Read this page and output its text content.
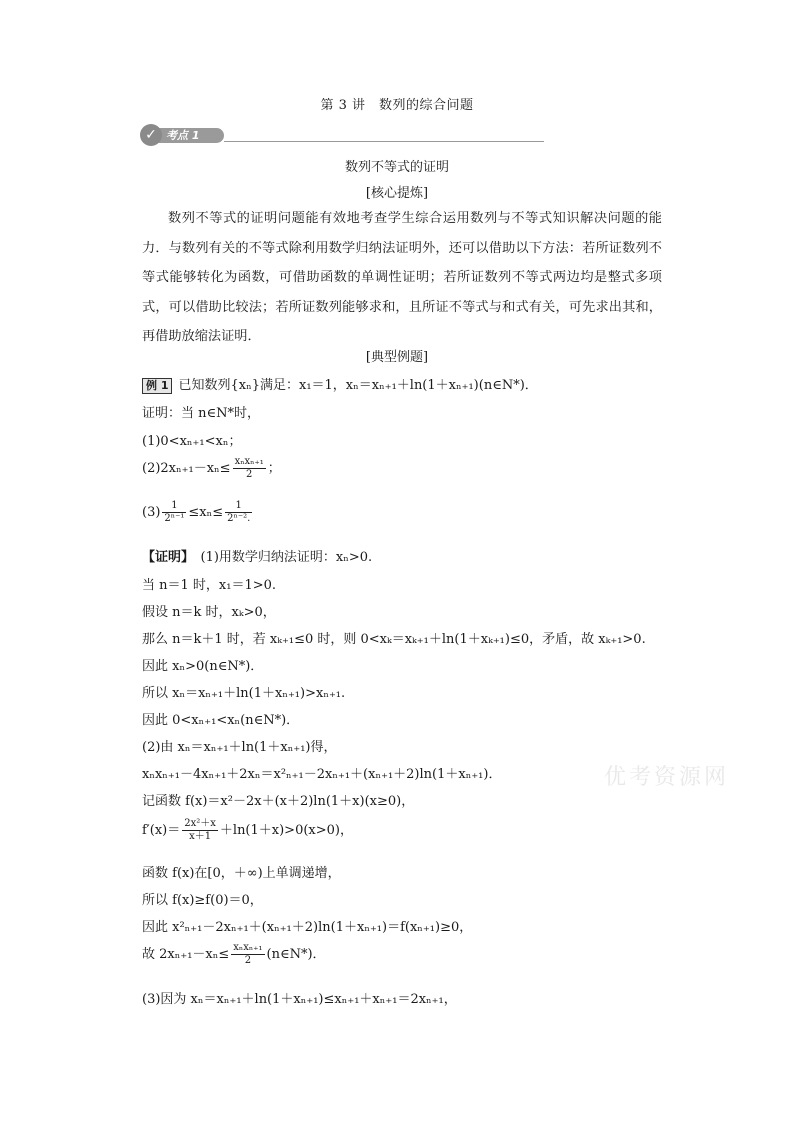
第 3 讲　数列的综合问题
✓ 考点 1
数列不等式的证明
[核心提炼]
数列不等式的证明问题能有效地考查学生综合运用数列与不等式知识解决问题的能力．与数列有关的不等式除利用数学归纳法证明外，还可以借助以下方法：若所证数列不等式能够转化为函数，可借助函数的单调性证明；若所证数列不等式两边均是整式多项式，可以借助比较法；若所证数列能够求和，且所证不等式与和式有关，可先求出其和，再借助放缩法证明．
[典型例题]
例 1 已知数列{xₙ}满足：x₁＝1，xₙ＝xₙ₊₁＋ln(1＋xₙ₊₁)(n∈N*)．
证明：当 n∈N*时，
(1)0<xₙ₊₁<xₙ；
$(2)2x_{n+1}-x_n\le \frac{\text{xₙxₙ₊₁}}{2}$ ；
$(3) \frac{1}{\text{2ⁿ⁻¹}} \le x_n\le \frac{1}{\text{2ⁿ⁻².}}$
【证明】　(1)用数学归纳法证明：xₙ>0.
当 n＝1 时，x₁＝1>0.
假设 n＝k 时，xₖ>0，
那么 n＝k＋1 时，若 xₖ₊₁≤0 时，则 0<xₖ＝xₖ₊₁＋ln(1＋xₖ₊₁)≤0，矛盾，故 xₖ₊₁>0.
因此 xₙ>0(n∈N*)．
所以 xₙ＝xₙ₊₁＋ln(1＋xₙ₊₁)>xₙ₊₁.
因此 0<xₙ₊₁<xₙ(n∈N*)．
(2)由 xₙ＝xₙ₊₁＋ln(1＋xₙ₊₁)得，
xₙxₙ₊₁－4xₙ₊₁＋2xₙ＝x²ₙ₊₁－2xₙ₊₁＋(xₙ₊₁＋2)ln(1＋xₙ₊₁)．
记函数 f(x)＝x²－2x＋(x＋2)ln(1＋x)(x≥0)，
$f'(x)= \frac{\text{2x²＋x}}{x+1} +\ln(1+x)>0(x>0)$，
函数 f(x)在[0，＋∞)上单调递增，
所以 f(x)≥f(0)＝0，
因此 x²ₙ₊₁－2xₙ₊₁＋(xₙ₊₁＋2)ln(1＋xₙ₊₁)＝f(xₙ₊₁)≥0，
故 $2x_{n+1}-x_n\le \frac{\text{xₙxₙ₊₁}}{2}$ (n∈N*)．
(3)因为 xₙ＝xₙ₊₁＋ln(1＋xₙ₊₁)≤xₙ₊₁＋xₙ₊₁＝2xₙ₊₁，
优考资源网
